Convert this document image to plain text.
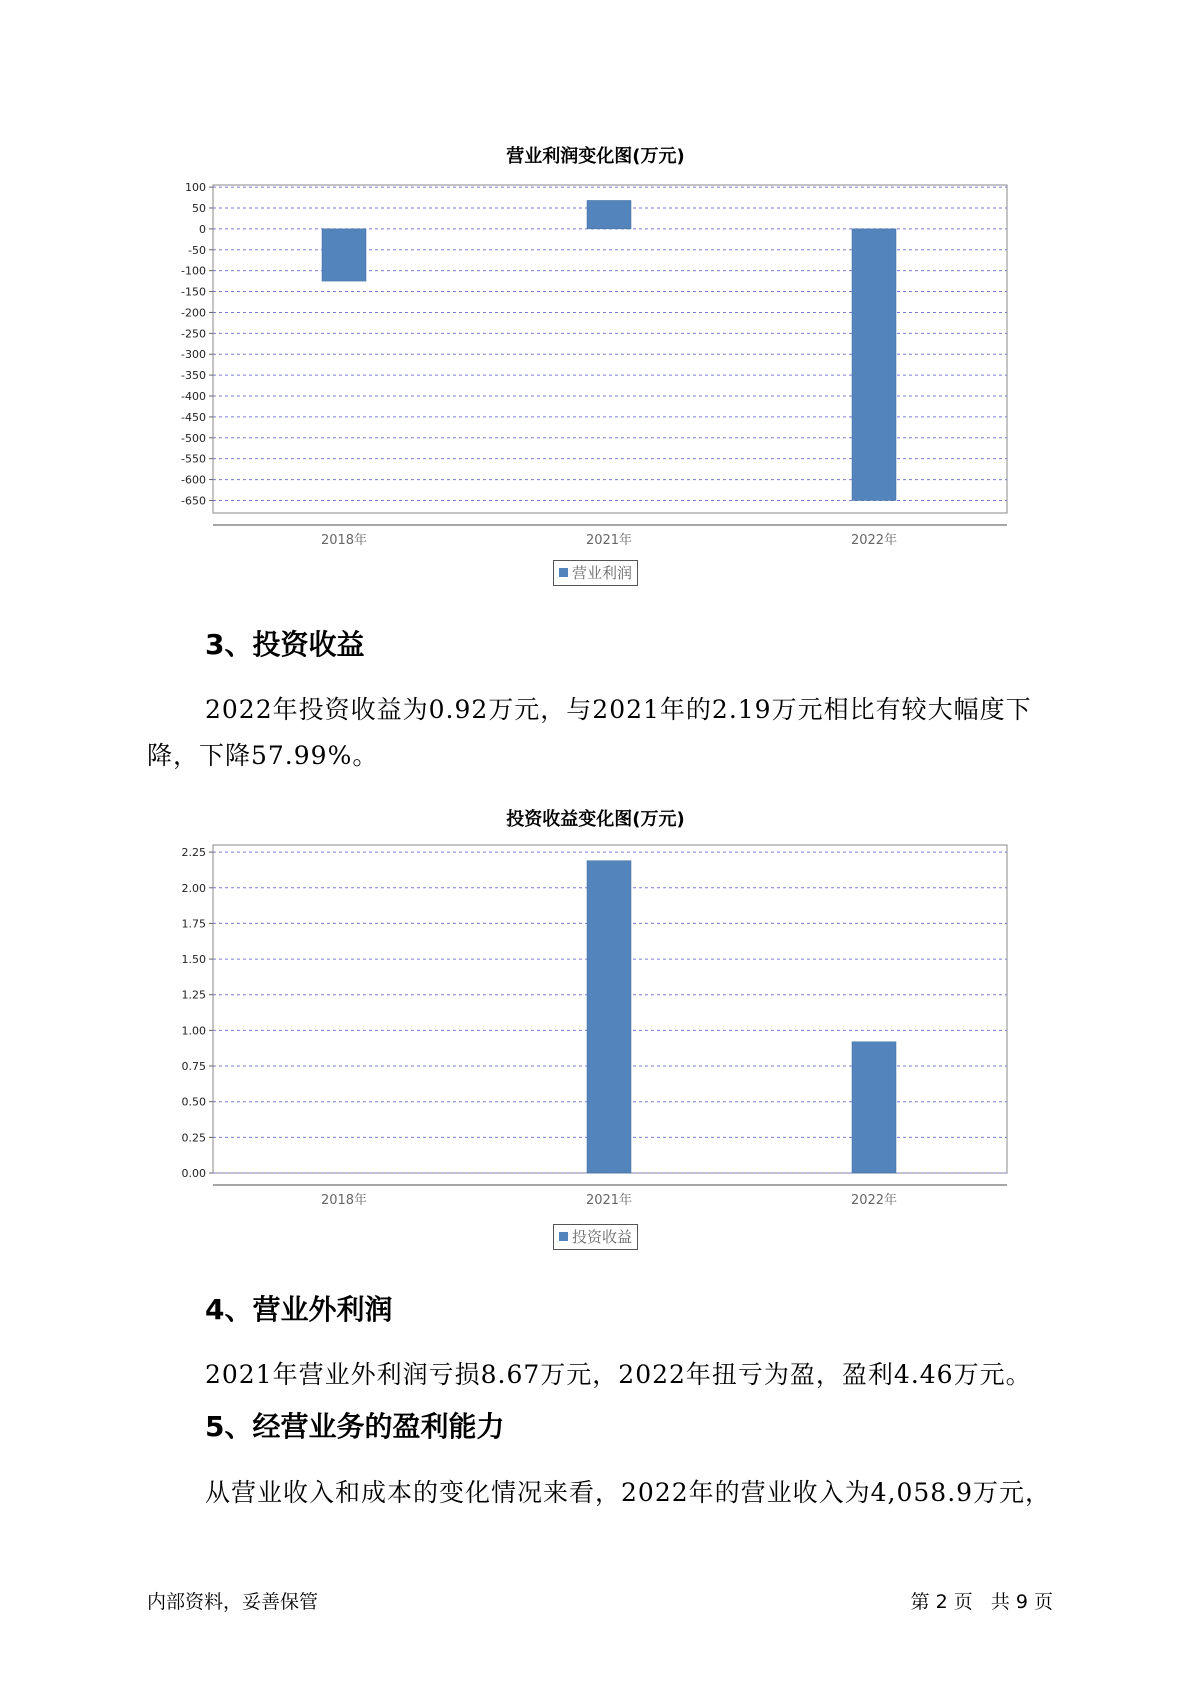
营业利润变化图(万元)
100
50
0
-50
-100
-150
-200
-250
-300
-350
-400
-450
-500
-550
-600
-650
2018年	2021年	2022年
营业利润
3、投资收益
2022年投资收益为0.92万元，与2021年的2.19万元相比有较大幅度下
降，下降57.99%。
投资收益变化图(万元)
2.25
2.00
1.75
1.50
1.25
1.00
0.75
0.50
0.25
0.00
2018年	2021年	2022年
投资收益
4、营业外利润
2021年营业外利润亏损8.67万元，2022年扭亏为盈，盈利4.46万元。
5、经营业务的盈利能力
从营业收入和成本的变化情况来看，2022年的营业收入为4,058.9万元，
内部资料，妥善保管	第 2 页   共 9 页
